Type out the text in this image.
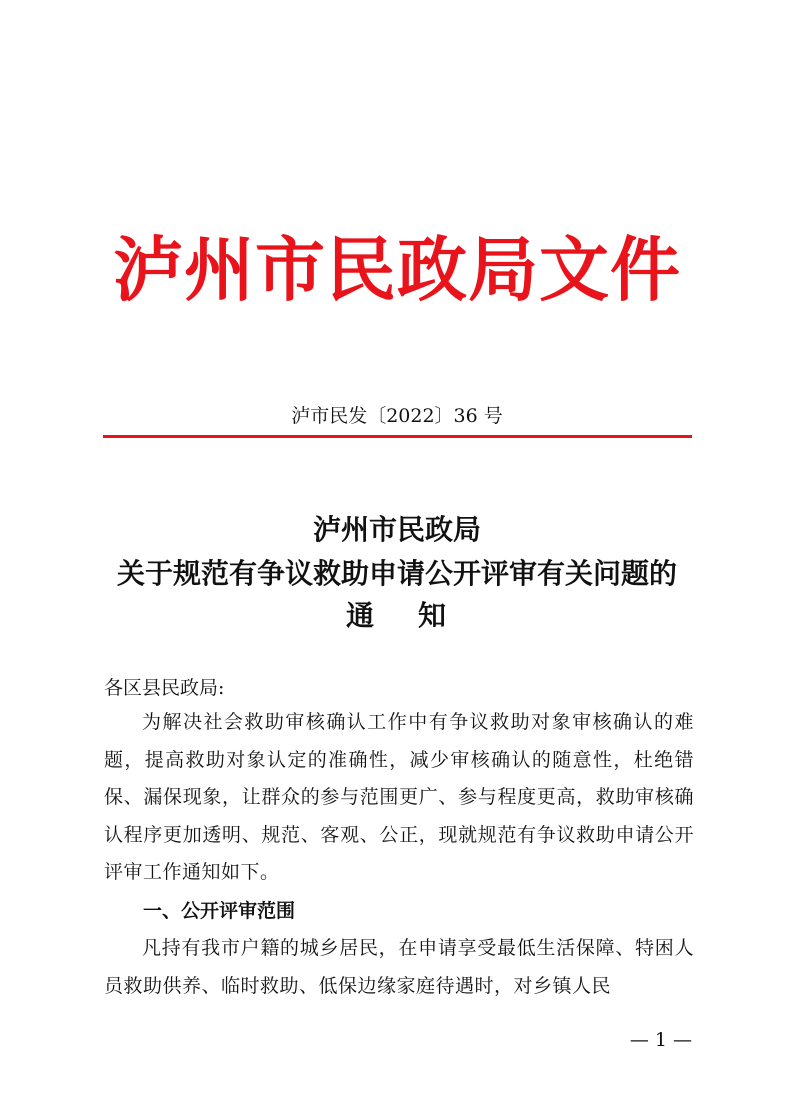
泸州市民政局文件
泸市民发〔2022〕36 号
泸州市民政局
关于规范有争议救助申请公开评审有关问题的
通 知
各区县民政局:
为解决社会救助审核确认工作中有争议救助对象审核确认的难题，提高救助对象认定的准确性，减少审核确认的随意性，杜绝错保、漏保现象，让群众的参与范围更广、参与程度更高，救助审核确认程序更加透明、规范、客观、公正，现就规范有争议救助申请公开评审工作通知如下。
一、公开评审范围
凡持有我市户籍的城乡居民，在申请享受最低生活保障、特困人员救助供养、临时救助、低保边缘家庭待遇时，对乡镇人民
— 1 —
